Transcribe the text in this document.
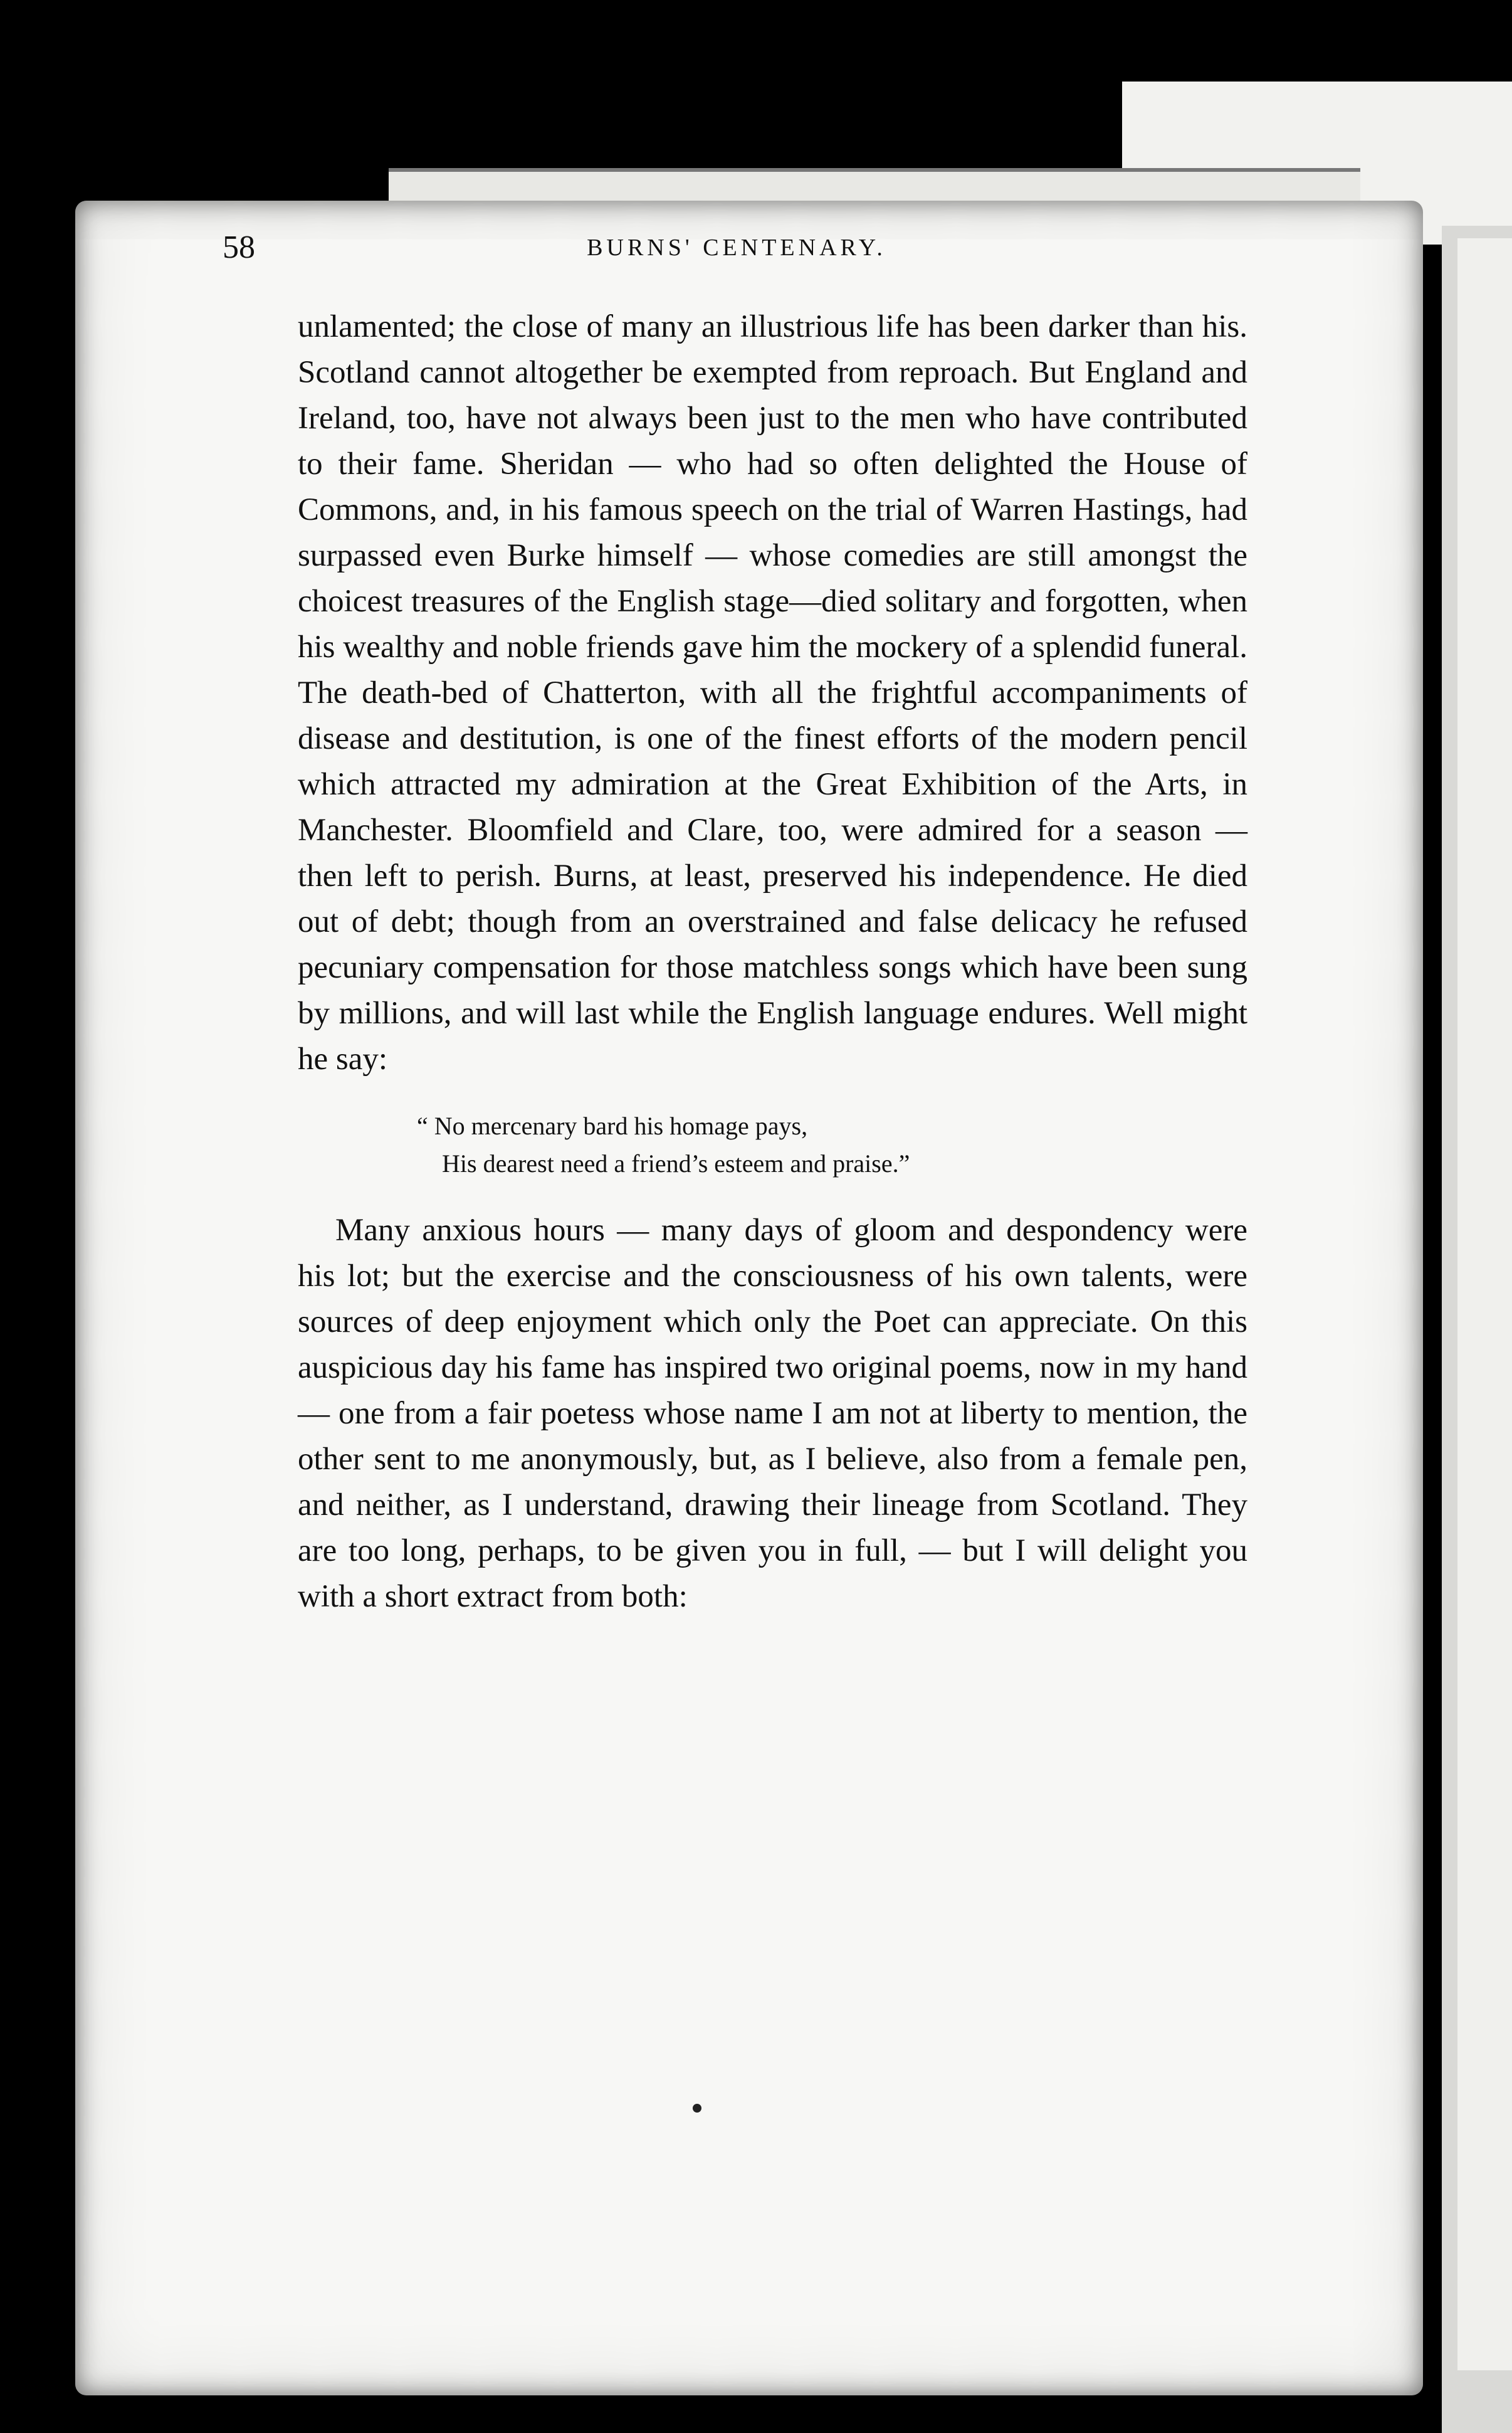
58	BURNS' CENTENARY.

unlamented; the close of many an illustrious life has been darker than his. Scotland cannot altogether be exempted from reproach. But England and Ireland, too, have not always been just to the men who have contributed to their fame. Sheridan — who had so often delighted the House of Commons, and, in his famous speech on the trial of Warren Hastings, had surpassed even Burke himself — whose comedies are still amongst the choicest treasures of the English stage—died solitary and forgotten, when his wealthy and noble friends gave him the mockery of a splendid funeral. The death-bed of Chatterton, with all the frightful accompaniments of disease and destitution, is one of the finest efforts of the modern pencil which attracted my admiration at the Great Exhibition of the Arts, in Manchester. Bloomfield and Clare, too, were admired for a season — then left to perish. Burns, at least, preserved his independence. He died out of debt; though from an overstrained and false delicacy he refused pecuniary compensation for those matchless songs which have been sung by millions, and will last while the English language endures. Well might he say:

“ No mercenary bard his homage pays,
His dearest need a friend’s esteem and praise.”

Many anxious hours — many days of gloom and despondency were his lot; but the exercise and the consciousness of his own talents, were sources of deep enjoyment which only the Poet can appreciate. On this auspicious day his fame has inspired two original poems, now in my hand — one from a fair poetess whose name I am not at liberty to mention, the other sent to me anonymously, but, as I believe, also from a female pen, and neither, as I understand, drawing their lineage from Scotland. They are too long, perhaps, to be given you in full, — but I will delight you with a short extract from both:
